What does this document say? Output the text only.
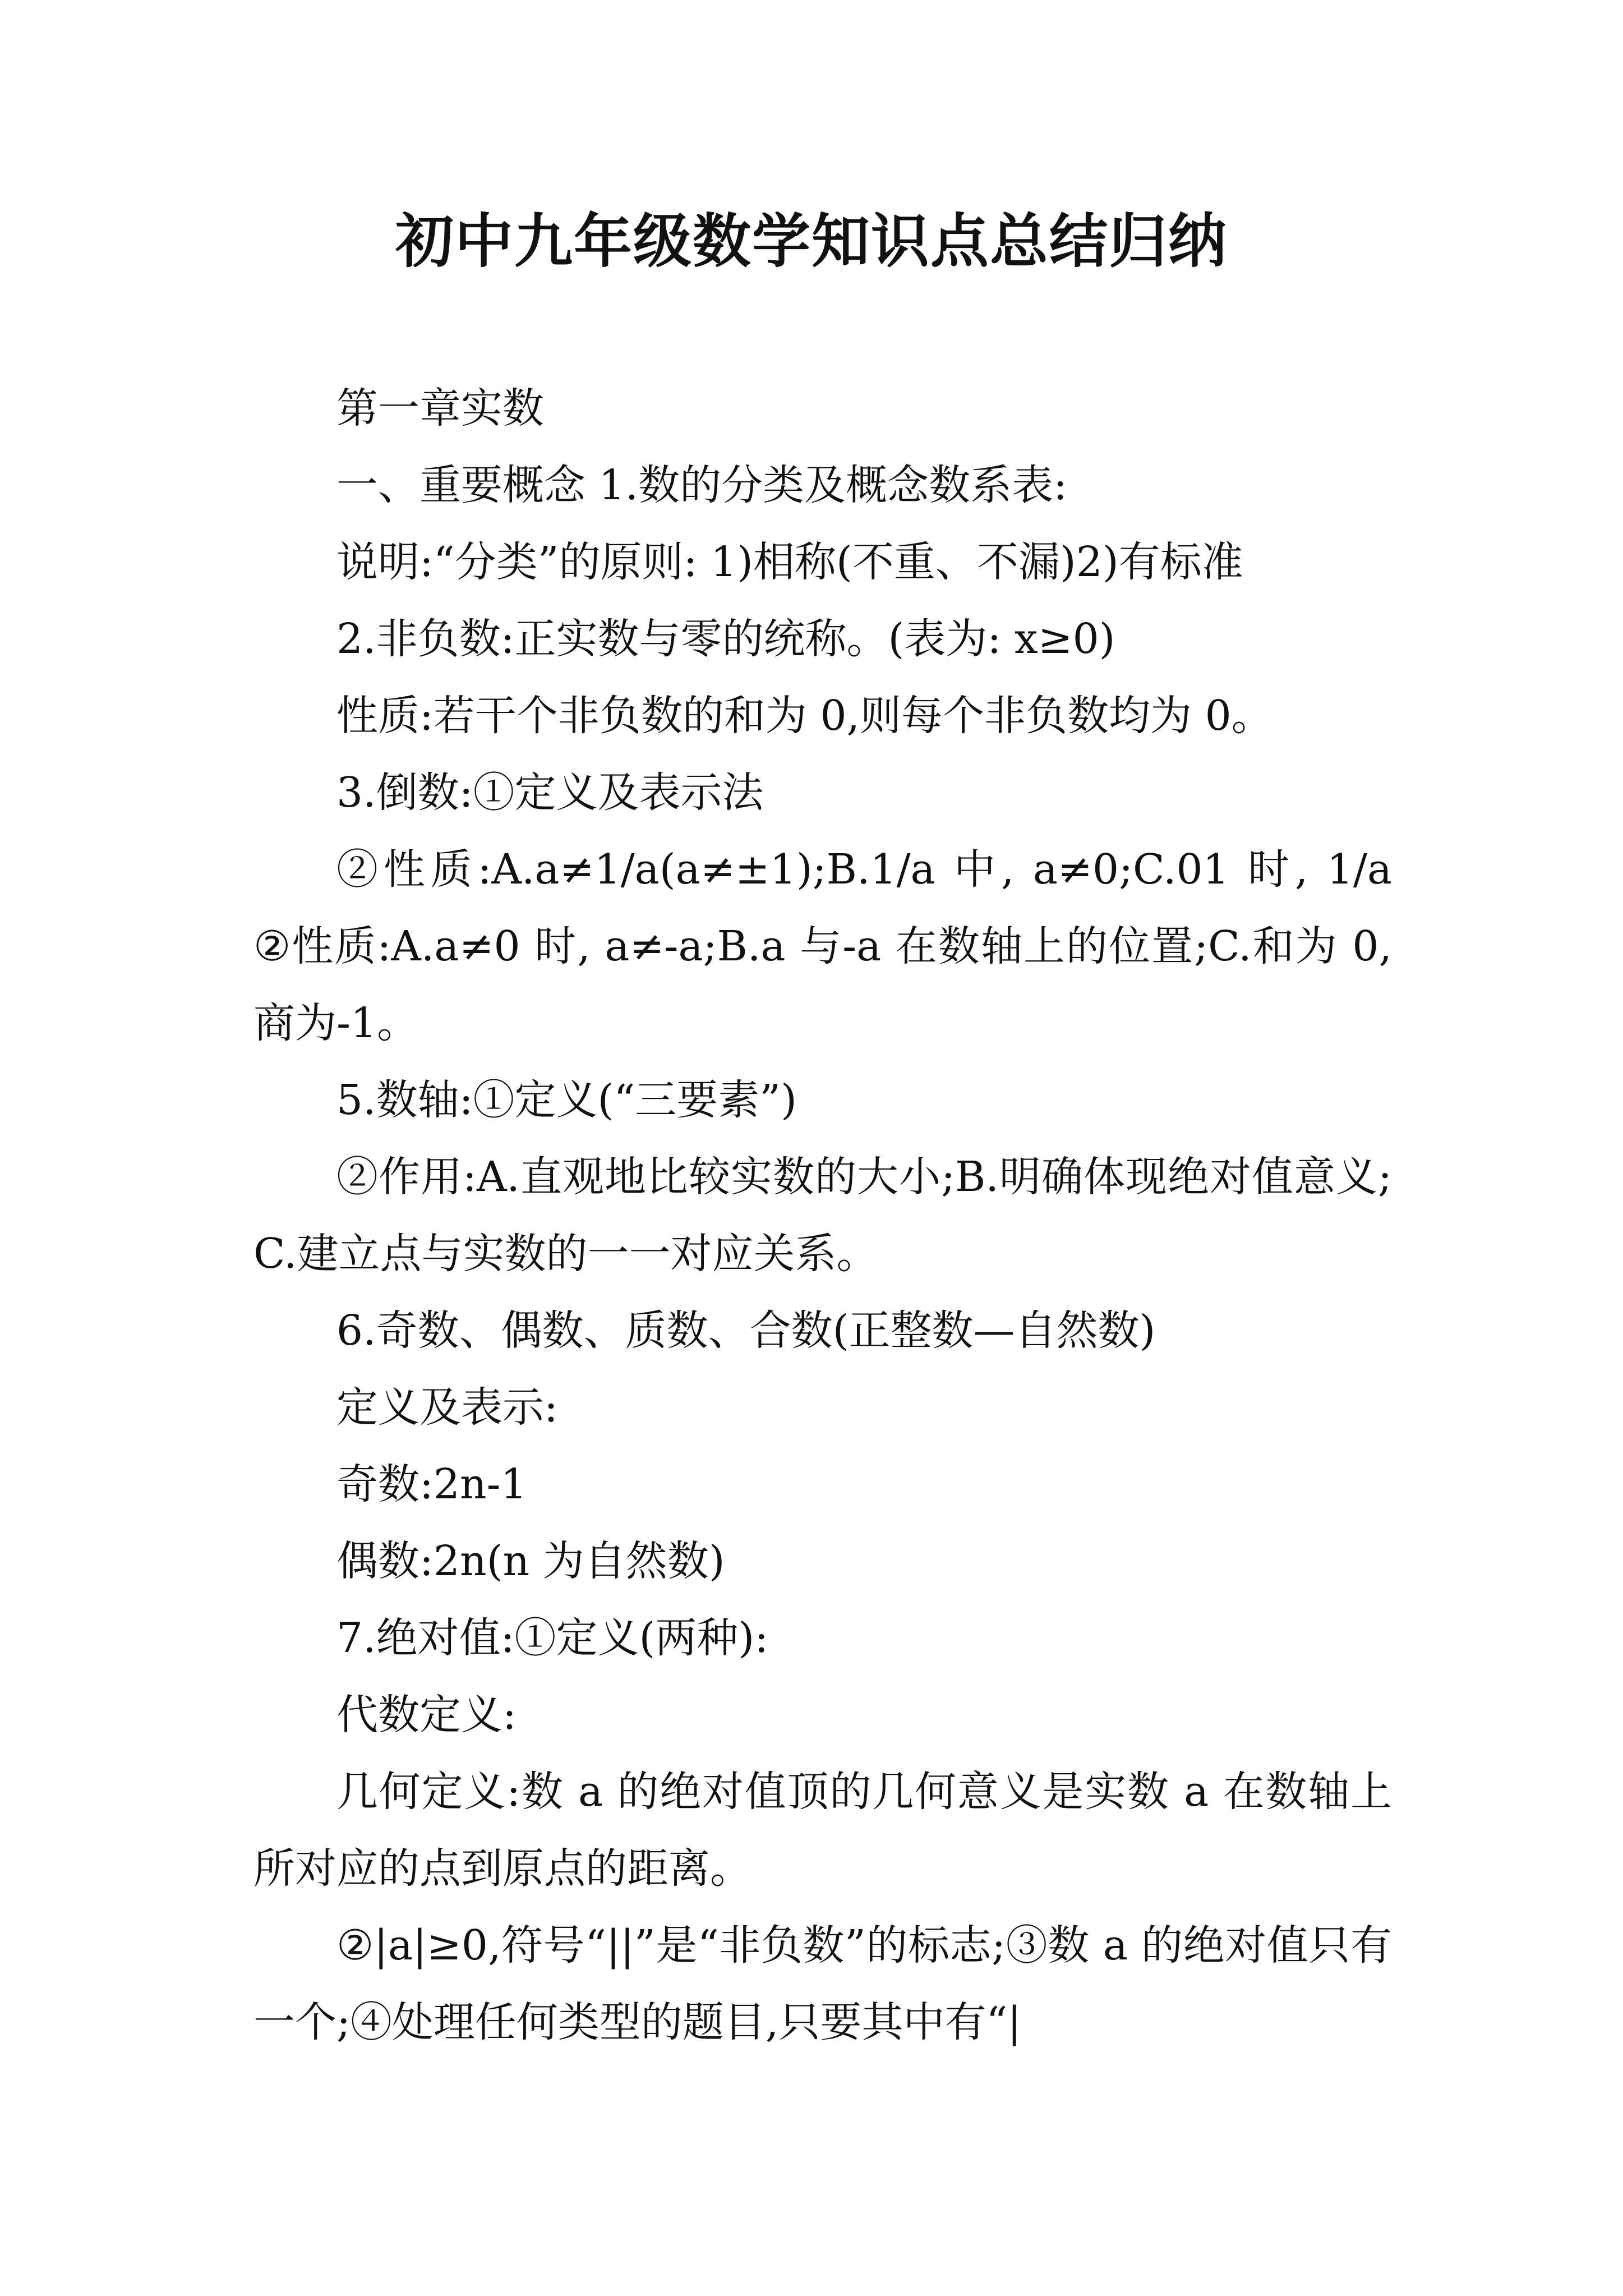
初中九年级数学知识点总结归纳

第一章实数

一、重要概念 1.数的分类及概念数系表:

说明:“分类”的原则: 1)相称(不重、不漏)2)有标准

2.非负数:正实数与零的统称。(表为: x≥0)

性质:若干个非负数的和为 0,则每个非负数均为 0。

3.倒数:①定义及表示法

②性质:A.a≠1/a(a≠±1);B.1/a 中, a≠0;C.01 时, 1/a     ②性质:A.a≠0 时, a≠-a;B.a 与-a 在数轴上的位置;C.和为 0,商为-1。

5.数轴:①定义(“三要素”)

②作用:A.直观地比较实数的大小;B.明确体现绝对值意义;C.建立点与实数的一一对应关系。

6.奇数、偶数、质数、合数(正整数—自然数)

定义及表示:

奇数:2n-1

偶数:2n(n 为自然数)

7.绝对值:①定义(两种):

代数定义:

几何定义:数 a 的绝对值顶的几何意义是实数 a 在数轴上所对应的点到原点的距离。

②|a|≥0,符号“||”是“非负数”的标志;③数 a 的绝对值只有一个;④处理任何类型的题目,只要其中有“|
